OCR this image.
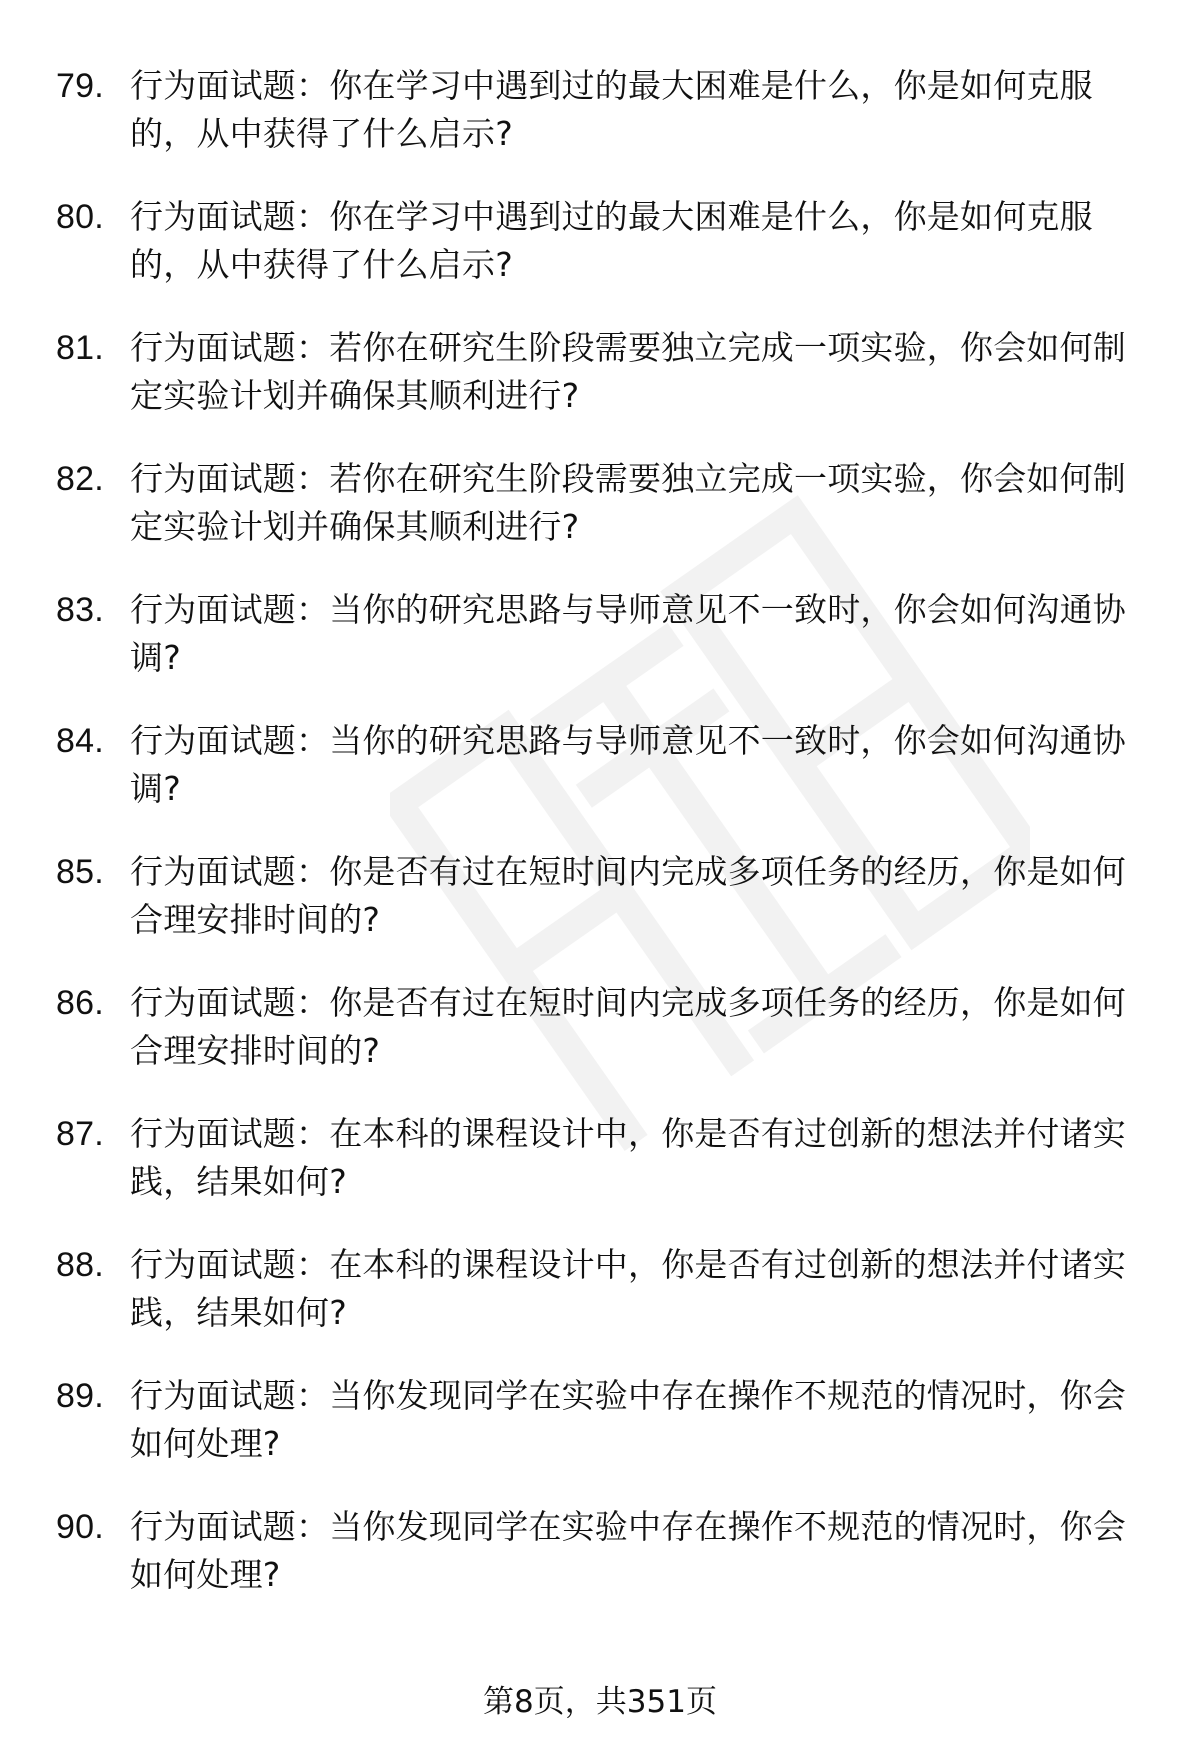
79. 行为面试题：你在学习中遇到过的最大困难是什么，你是如何克服的，从中获得了什么启示?
80. 行为面试题：你在学习中遇到过的最大困难是什么，你是如何克服的，从中获得了什么启示?
81. 行为面试题：若你在研究生阶段需要独立完成一项实验，你会如何制定实验计划并确保其顺利进行?
82. 行为面试题：若你在研究生阶段需要独立完成一项实验，你会如何制定实验计划并确保其顺利进行?
83. 行为面试题：当你的研究思路与导师意见不一致时，你会如何沟通协调?
84. 行为面试题：当你的研究思路与导师意见不一致时，你会如何沟通协调?
85. 行为面试题：你是否有过在短时间内完成多项任务的经历，你是如何合理安排时间的?
86. 行为面试题：你是否有过在短时间内完成多项任务的经历，你是如何合理安排时间的?
87. 行为面试题：在本科的课程设计中，你是否有过创新的想法并付诸实践，结果如何?
88. 行为面试题：在本科的课程设计中，你是否有过创新的想法并付诸实践，结果如何?
89. 行为面试题：当你发现同学在实验中存在操作不规范的情况时，你会如何处理?
90. 行为面试题：当你发现同学在实验中存在操作不规范的情况时，你会如何处理?
第8页，共351页
